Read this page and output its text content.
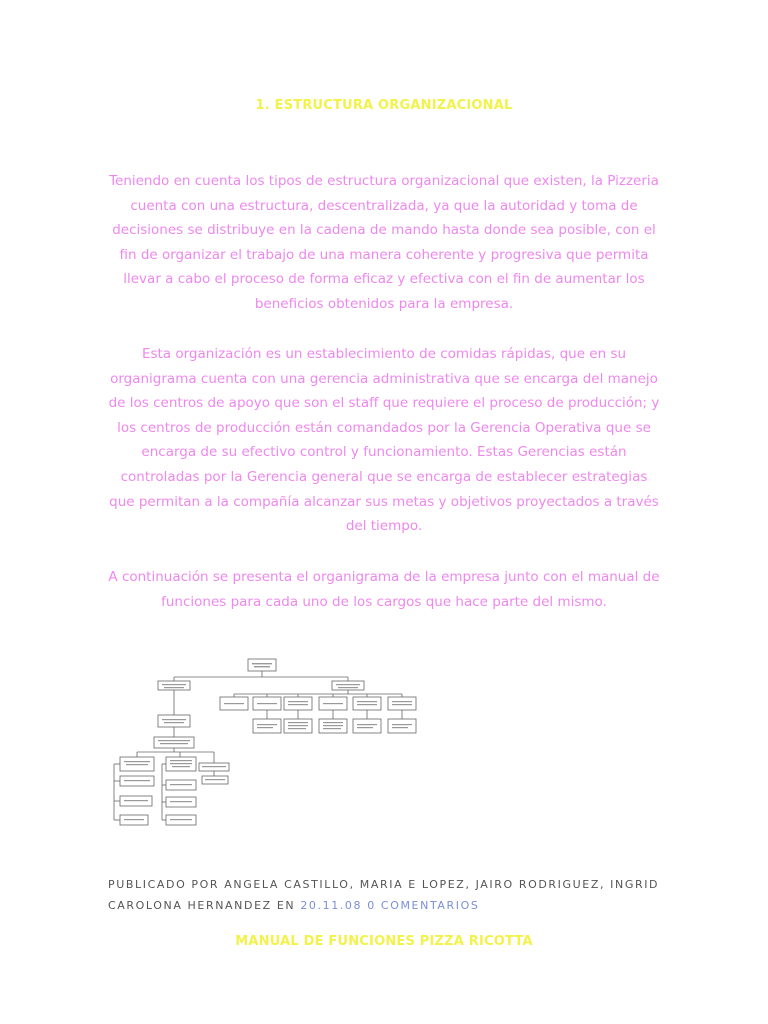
1. ESTRUCTURA ORGANIZACIONAL

Teniendo en cuenta los tipos de estructura organizacional que existen, la Pizzeria cuenta con una estructura, descentralizada, ya que la autoridad y toma de decisiones se distribuye en la cadena de mando hasta donde sea posible, con el fin de organizar el trabajo de una manera coherente y progresiva que permita llevar a cabo el proceso de forma eficaz y efectiva con el fin de aumentar los beneficios obtenidos para la empresa.

Esta organización es un establecimiento de comidas rápidas, que en su organigrama cuenta con una gerencia administrativa que se encarga del manejo de los centros de apoyo que son el staff que requiere el proceso de producción; y los centros de producción están comandados por la Gerencia Operativa que se encarga de su efectivo control y funcionamiento. Estas Gerencias están controladas por la Gerencia general que se encarga de establecer estrategias que permitan a la compañía alcanzar sus metas y objetivos proyectados a través del tiempo.

A continuación se presenta el organigrama de la empresa junto con el manual de funciones para cada uno de los cargos que hace parte del mismo.

PUBLICADO POR ANGELA CASTILLO, MARIA E LOPEZ, JAIRO RODRIGUEZ, INGRID CAROLONA HERNANDEZ EN 20.11.08 0 COMENTARIOS
MANUAL DE FUNCIONES PIZZA RICOTTA
